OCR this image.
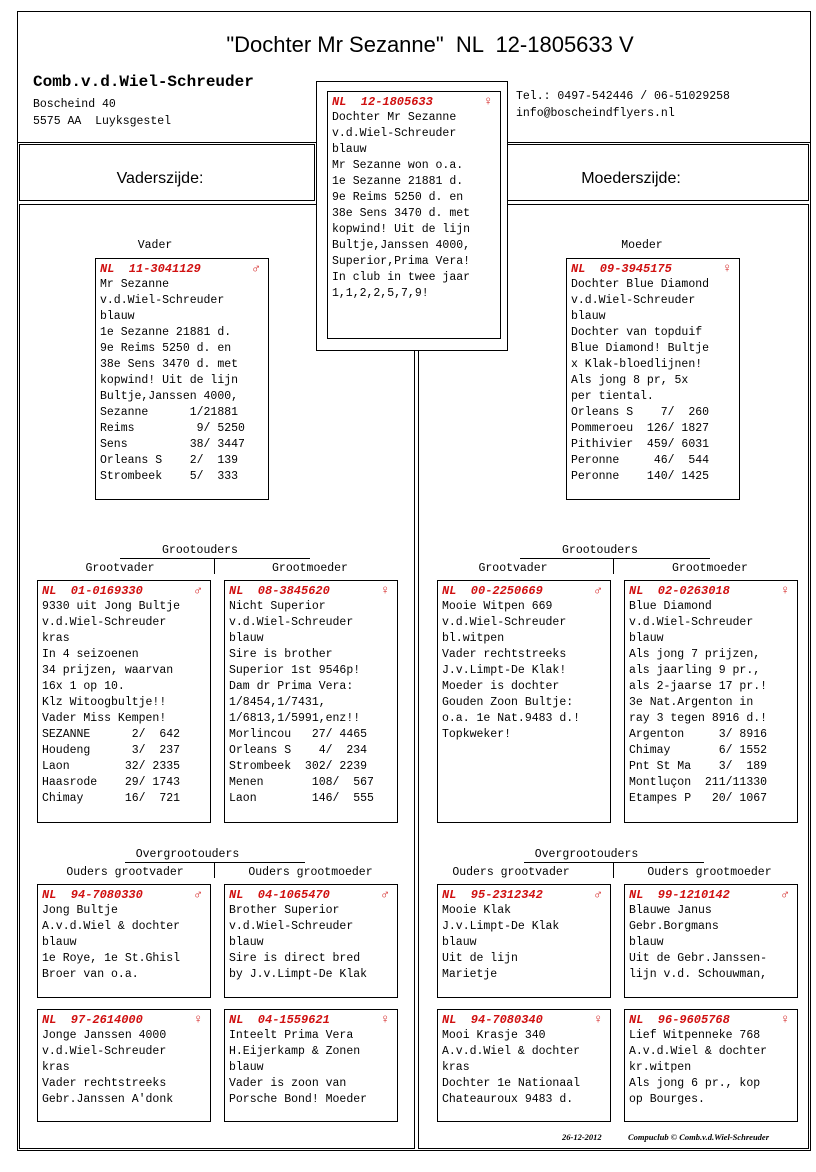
"Dochter Mr Sezanne"  NL  12-1805633 V
Comb.v.d.Wiel-Schreuder
Boscheind 40
5575 AA  Luyksgestel
Tel.: 0497-542446 / 06-51029258
info@boscheindflyers.nl
Vaderszijde:	Moederszijde:
NL  12-1805633	♀
Dochter Mr Sezanne
v.d.Wiel-Schreuder
blauw
Mr Sezanne won o.a.
1e Sezanne 21881 d.
9e Reims 5250 d. en
38e Sens 3470 d. met
kopwind! Uit de lijn
Bultje,Janssen 4000,
Superior,Prima Vera!
In club in twee jaar
1,1,2,2,5,7,9!
Vader	Moeder
NL  11-3041129	♂
Mr Sezanne
v.d.Wiel-Schreuder
blauw
1e Sezanne 21881 d.
9e Reims 5250 d. en
38e Sens 3470 d. met
kopwind! Uit de lijn
Bultje,Janssen 4000,
Sezanne      1/21881
Reims         9/ 5250
Sens         38/ 3447
Orleans S    2/  139
Strombeek    5/  333
NL  09-3945175	♀
Dochter Blue Diamond
v.d.Wiel-Schreuder
blauw
Dochter van topduif
Blue Diamond! Bultje
x Klak-bloedlijnen!
Als jong 8 pr, 5x
per tiental.
Orleans S    7/  260
Pommeroeu  126/ 1827
Pithivier  459/ 6031
Peronne     46/  544
Peronne    140/ 1425
Grootouders
Grootvader	Grootmoeder
Grootouders
Grootvader	Grootmoeder
NL  01-0169330	♂
9330 uit Jong Bultje
v.d.Wiel-Schreuder
kras
In 4 seizoenen
34 prijzen, waarvan
16x 1 op 10.
Klz Witoogbultje!!
Vader Miss Kempen!
SEZANNE      2/  642
Houdeng      3/  237
Laon        32/ 2335
Haasrode    29/ 1743
Chimay      16/  721
NL  08-3845620	♀
Nicht Superior
v.d.Wiel-Schreuder
blauw
Sire is brother
Superior 1st 9546p!
Dam dr Prima Vera:
1/8454,1/7431,
1/6813,1/5991,enz!!
Morlincou   27/ 4465
Orleans S    4/  234
Strombeek  302/ 2239
Menen       108/  567
Laon        146/  555
NL  00-2250669	♂
Mooie Witpen 669
v.d.Wiel-Schreuder
bl.witpen
Vader rechtstreeks
J.v.Limpt-De Klak!
Moeder is dochter
Gouden Zoon Bultje:
o.a. 1e Nat.9483 d.!
Topkweker!
NL  02-0263018	♀
Blue Diamond
v.d.Wiel-Schreuder
blauw
Als jong 7 prijzen,
als jaarling 9 pr.,
als 2-jaarse 17 pr.!
3e Nat.Argenton in
ray 3 tegen 8916 d.!
Argenton     3/ 8916
Chimay       6/ 1552
Pnt St Ma    3/  189
Montluçon  211/11330
Etampes P   20/ 1067
Overgrootouders
Ouders grootvader	Ouders grootmoeder
Overgrootouders
Ouders grootvader	Ouders grootmoeder
NL  94-7080330	♂
Jong Bultje
A.v.d.Wiel & dochter
blauw
1e Roye, 1e St.Ghisl
Broer van o.a.
NL  04-1065470	♂
Brother Superior
v.d.Wiel-Schreuder
blauw
Sire is direct bred
by J.v.Limpt-De Klak
NL  95-2312342	♂
Mooie Klak
J.v.Limpt-De Klak
blauw
Uit de lijn
Marietje
NL  99-1210142	♂
Blauwe Janus
Gebr.Borgmans
blauw
Uit de Gebr.Janssen-
lijn v.d. Schouwman,
NL  97-2614000	♀
Jonge Janssen 4000
v.d.Wiel-Schreuder
kras
Vader rechtstreeks
Gebr.Janssen A'donk
NL  04-1559621	♀
Inteelt Prima Vera
H.Eijerkamp & Zonen
blauw
Vader is zoon van
Porsche Bond! Moeder
NL  94-7080340	♀
Mooi Krasje 340
A.v.d.Wiel & dochter
kras
Dochter 1e Nationaal
Chateauroux 9483 d.
NL  96-9605768	♀
Lief Witpenneke 768
A.v.d.Wiel & dochter
kr.witpen
Als jong 6 pr., kop
op Bourges.
26-12-2012	Compuclub © Comb.v.d.Wiel-Schreuder
